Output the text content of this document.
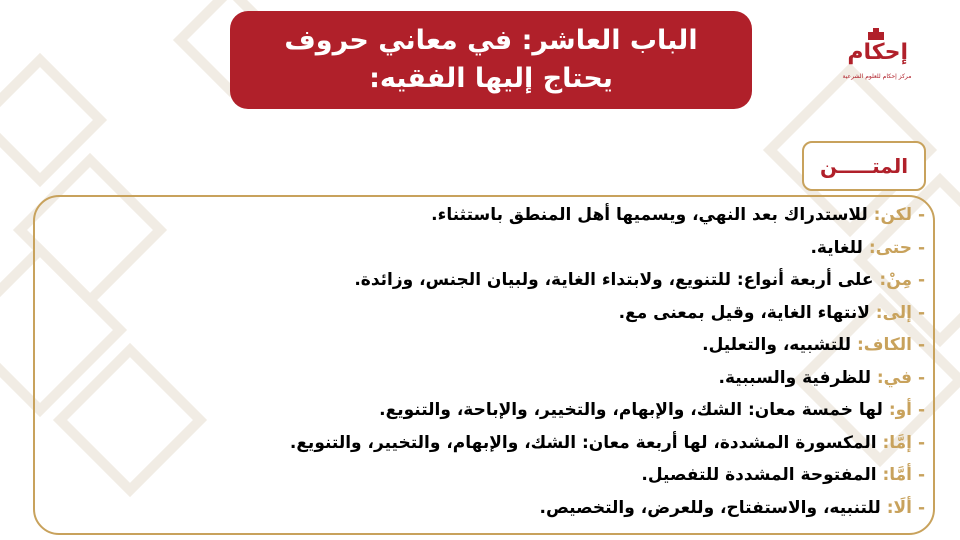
الباب العاشر: في معاني حروف
يحتاج إليها الفقيه:
إحكام
مركز إحكام للعلوم الشرعية
المتـــــن
- لكن: للاستدراك بعد النهي، ويسميها أهل المنطق باستثناء.
- حتى: للغاية.
- مِنْ: على أربعة أنواع: للتنويع، ولابتداء الغاية، ولبيان الجنس، وزائدة.
- إلى: لانتهاء الغاية، وقيل بمعنى مع.
- الكاف: للتشبيه، والتعليل.
- في: للظرفية والسببية.
- أو: لها خمسة معان: الشك، والإبهام، والتخيير، والإباحة، والتنويع.
- إمَّا: المكسورة المشددة، لها أربعة معان: الشك، والإبهام، والتخيير، والتنويع.
- أمَّا: المفتوحة المشددة للتفصيل.
- ألَا: للتنبيه، والاستفتاح، وللعرض، والتخصيص.
